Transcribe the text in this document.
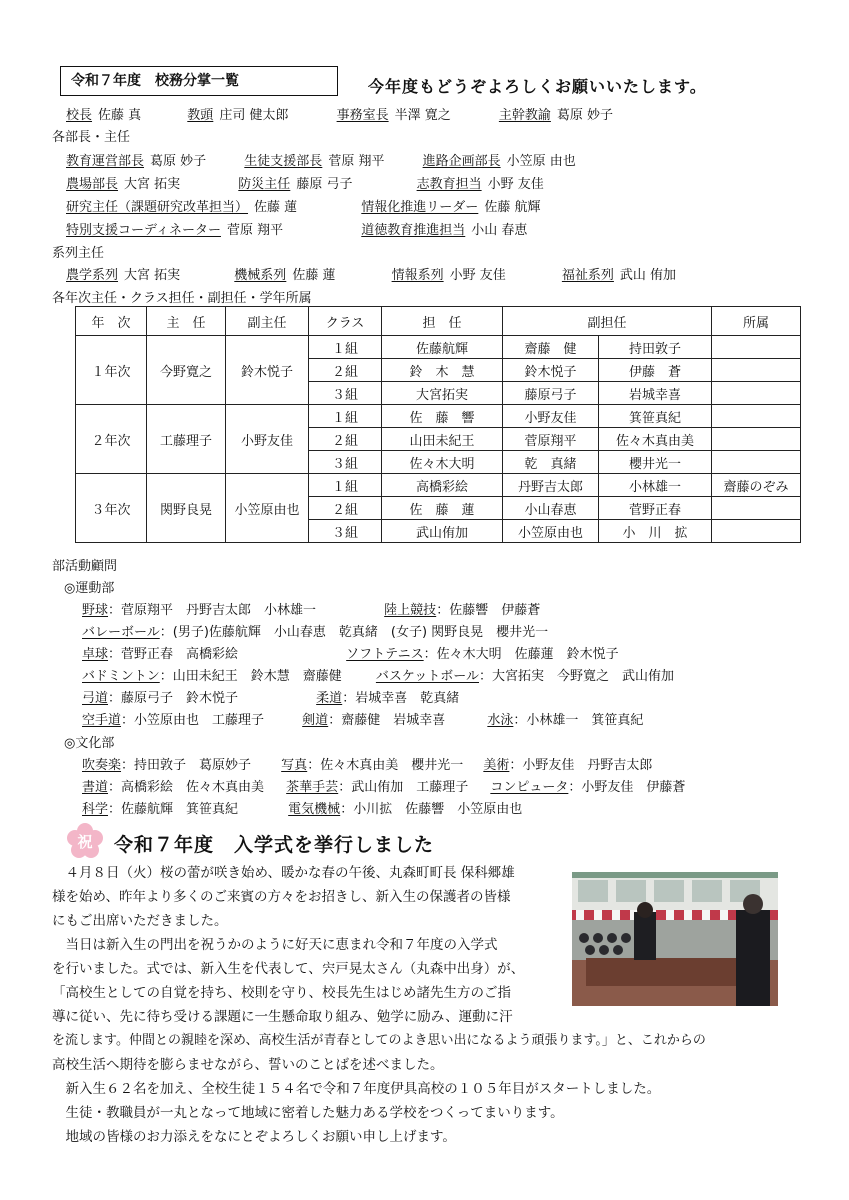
令和７年度　校務分掌一覧	今年度もどうぞよろしくお願いいたします。
校長 佐藤 真	教頭 庄司 健太郎	事務室長 半澤 寛之	主幹教諭 葛原 妙子
各部長・主任
教育運営部長 葛原 妙子	生徒支援部長 菅原 翔平	進路企画部長 小笠原 由也
農場部長 大宮 拓実	防災主任 藤原 弓子	志教育担当 小野 友佳
研究主任（課題研究改革担当） 佐藤 蓮	情報化推進リーダー 佐藤 航輝
特別支援コーディネーター 菅原 翔平	道徳教育推進担当 小山 春恵
系列主任
農学系列 大宮 拓実	機械系列 佐藤 蓮	情報系列 小野 友佳	福祉系列 武山 侑加
各年次主任・クラス担任・副担任・学年所属
年　次	主　任	副主任	クラス	担　任	副担任		所属
１年次	今野寛之	鈴木悦子	１組	佐藤航輝	齋藤　健	持田敦子	
			２組	鈴　木　慧	鈴木悦子	伊藤　蒼	
			３組	大宮拓実	藤原弓子	岩城幸喜	
２年次	工藤理子	小野友佳	１組	佐　藤　響	小野友佳	箕笹真紀	
			２組	山田未紀王	菅原翔平	佐々木真由美	
			３組	佐々木大明	乾　真緒	櫻井光一	
３年次	関野良晃	小笠原由也	１組	高橋彩絵	丹野吉太郎	小林雄一	齋藤のぞみ
			２組	佐　藤　蓮	小山春恵	菅野正春	
			３組	武山侑加	小笠原由也	小　川　拡	
部活動顧問
◎運動部
野球：菅原翔平　丹野吉太郎　小林雄一	陸上競技：佐藤響　伊藤蒼
バレーボール：(男子)佐藤航輝　小山春恵　乾真緒　(女子) 関野良晃　櫻井光一
卓球：菅野正春　高橋彩絵	ソフトテニス：佐々木大明　佐藤蓮　鈴木悦子
バドミントン：山田未紀王　鈴木慧　齋藤健	バスケットボール：大宮拓実　今野寛之　武山侑加
弓道：藤原弓子　鈴木悦子	柔道：岩城幸喜　乾真緒
空手道：小笠原由也　工藤理子	剣道：齋藤健　岩城幸喜	水泳：小林雄一　箕笹真紀
◎文化部
吹奏楽：持田敦子　葛原妙子 写真：佐々木真由美　櫻井光一 美術：小野友佳　丹野吉太郎
書道：高橋彩絵　佐々木真由美 茶華手芸：武山侑加　工藤理子 コンピュータ：小野友佳　伊藤蒼
科学：佐藤航輝　箕笹真紀	電気機械：小川拡　佐藤響　小笠原由也
祝	令和７年度　入学式を挙行しました
　４月８日（火）桜の蕾が咲き始め、暖かな春の午後、丸森町町長 保科郷雄
様を始め、昨年より多くのご来賓の方々をお招きし、新入生の保護者の皆様
にもご出席いただきました。
　当日は新入生の門出を祝うかのように好天に恵まれ令和７年度の入学式
を行いました。式では、新入生を代表して、宍戸晃太さん（丸森中出身）が、
「高校生としての自覚を持ち、校則を守り、校長先生はじめ諸先生方のご指
導に従い、先に待ち受ける課題に一生懸命取り組み、勉学に励み、運動に汗
を流します。仲間との親睦を深め、高校生活が青春としてのよき思い出になるよう頑張ります。」と、これからの
高校生活へ期待を膨らませながら、誓いのことばを述べました。
　新入生６２名を加え、全校生徒１５４名で令和７年度伊具高校の１０５年目がスタートしました。
　生徒・教職員が一丸となって地域に密着した魅力ある学校をつくってまいります。
　地域の皆様のお力添えをなにとぞよろしくお願い申し上げます。
